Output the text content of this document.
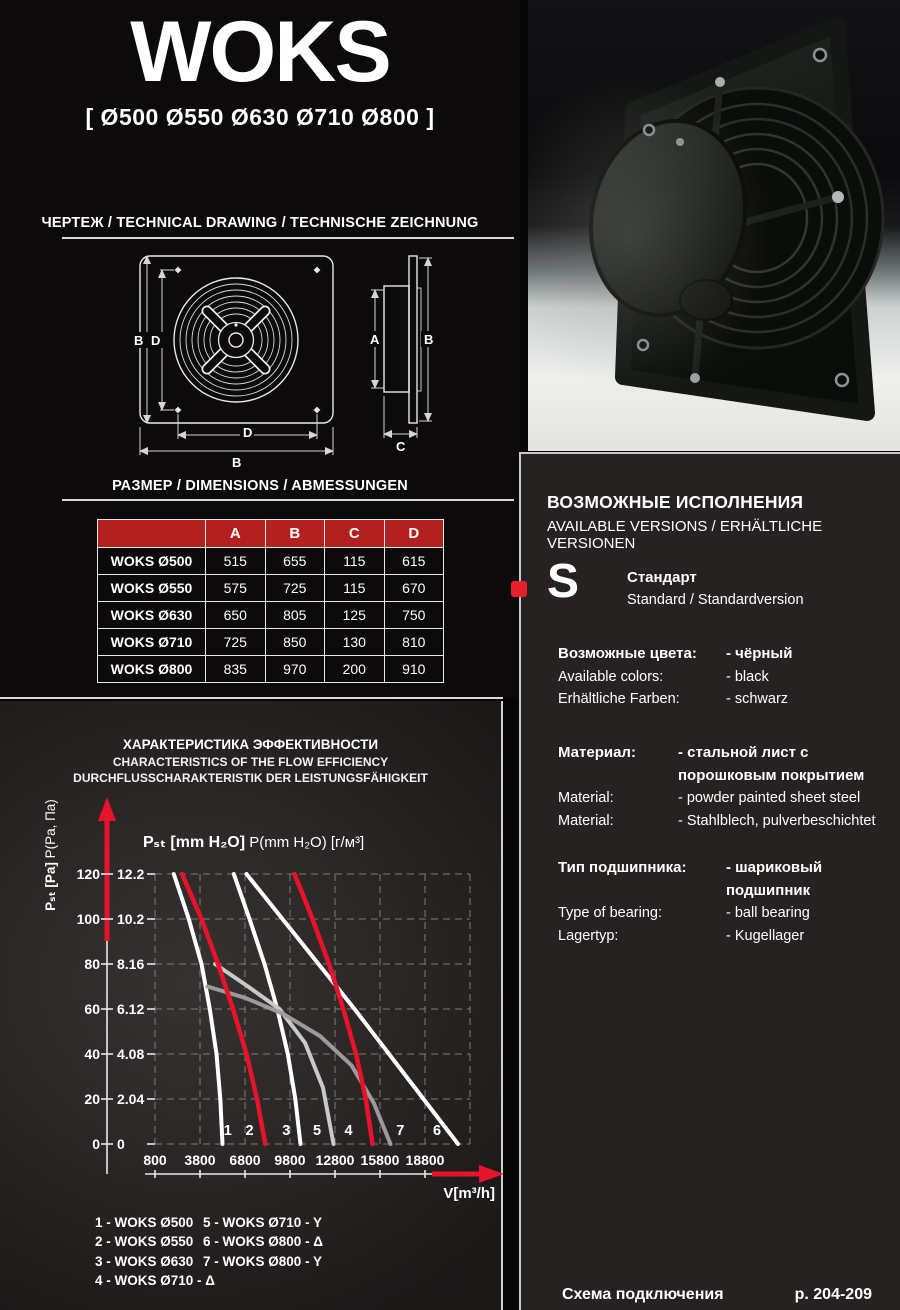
WOKS
[ Ø500 Ø550 Ø630 Ø710 Ø800 ]
ЧЕРТЕЖ / TECHNICAL DRAWING / TECHNISCHE ZEICHNUNG
B D
D
B
A	B
C
РАЗМЕР / DIMENSIONS / ABMESSUNGEN
	A	B	C	D
WOKS Ø500	515	655	115	615
WOKS Ø550	575	725	115	670
WOKS Ø630	650	805	125	750
WOKS Ø710	725	850	130	810
WOKS Ø800	835	970	200	910
ХАРАКТЕРИСТИКА ЭФФЕКТИВНОСТИ
CHARACTERISTICS OF THE FLOW EFFICIENCY
DURCHFLUSSCHARAKTERISTIK DER LEISTUNGSFÄHIGKEIT
Pₛₜ [Pa] P(Pa, Па)	Pₛₜ [mm H₂O] P(mm H₂O) [г/м³]
120 12.2
100 10.2
80 8.16
60 6.12
40 4.08
20 2.04
0 0
800 3800 6800 9800 12800 15800 18800
1	3	6
5	7
2	4
V[m³/h]
1 - WOKS Ø500
2 - WOKS Ø550
3 - WOKS Ø630
4 - WOKS Ø710 - Δ
5 - WOKS Ø710 - Y
6 - WOKS Ø800 - Δ
7 - WOKS Ø800 - Y
ВОЗМОЖНЫЕ ИСПОЛНЕНИЯ
AVAILABLE VERSIONS / ERHÄLTLICHE VERSIONEN
S	Стандарт
Standard / Standardversion
Возможные цвета:	- чёрный
Available colors:	- black
Erhältliche Farben:	- schwarz
Материал:	- стальной лист с порошковым покрытием
Material:	- powder painted sheet steel
Material:	- Stahlblech, pulverbeschichtet
Тип подшипника:	- шариковый подшипник
Type of bearing:	- ball bearing
Lagertyp:	- Kugellager
Схема подключения	p. 204-209
